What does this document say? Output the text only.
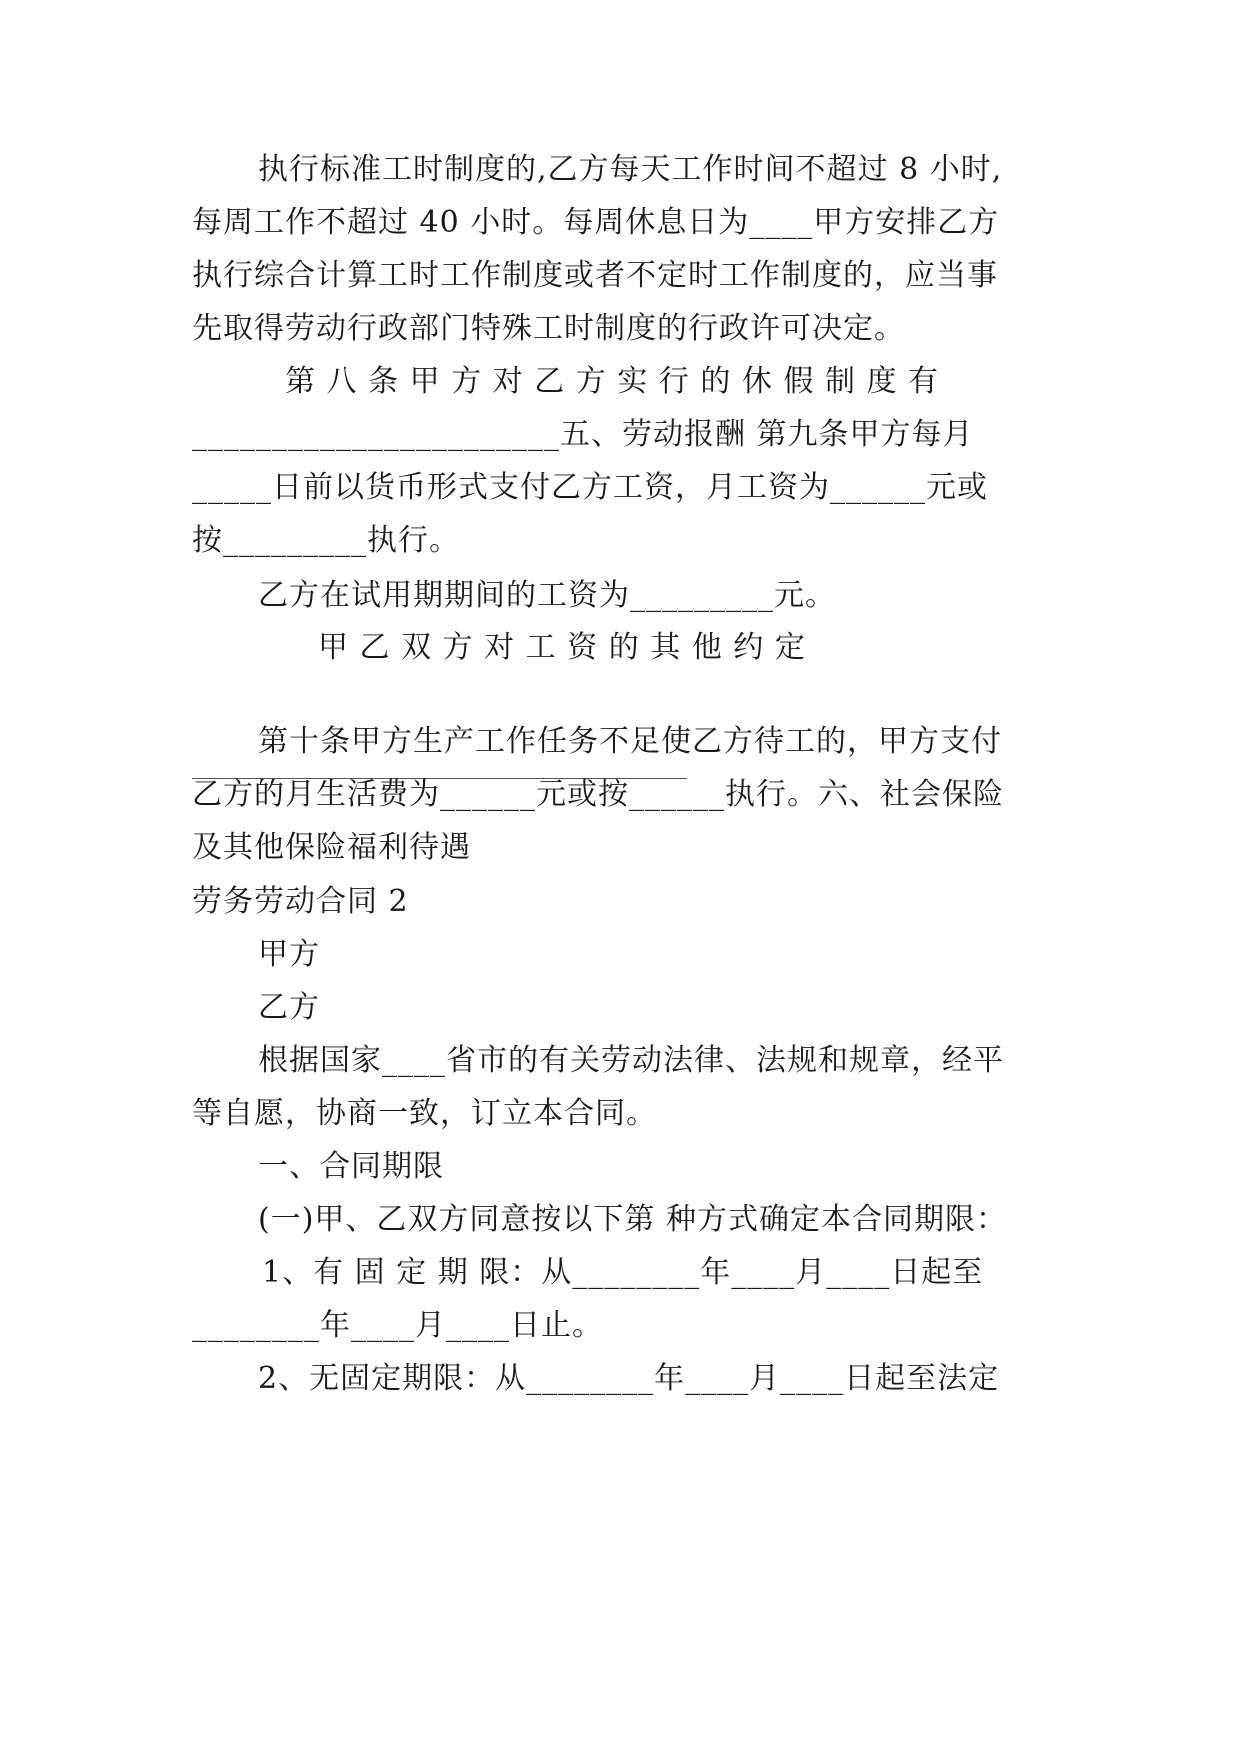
执行标准工时制度的,乙方每天工作时间不超过 8 小时,
每周工作不超过 40 小时。每周休息日为____甲方安排乙方
执行综合计算工时工作制度或者不定时工作制度的，应当事
先取得劳动行政部门特殊工时制度的行政许可决定。
第 八 条 甲 方 对 乙 方 实 行 的 休 假 制 度 有
_______________________五、劳动报酬 第九条甲方每月
_____日前以货币形式支付乙方工资，月工资为______元或
按_________执行。
乙方在试用期期间的工资为_________元。
甲 乙 双 方 对 工 资 的 其 他 约 定
第十条甲方生产工作任务不足使乙方待工的，甲方支付
乙方的月生活费为______元或按______执行。六、社会保险
及其他保险福利待遇
劳务劳动合同 2
甲方
乙方
根据国家____省市的有关劳动法律、法规和规章，经平
等自愿，协商一致，订立本合同。
一、合同期限
(一)甲、乙双方同意按以下第 种方式确定本合同期限：
1、有 固 定 期 限：从________年____月____日起至
________年____月____日止。
2、无固定期限：从________年____月____日起至法定
